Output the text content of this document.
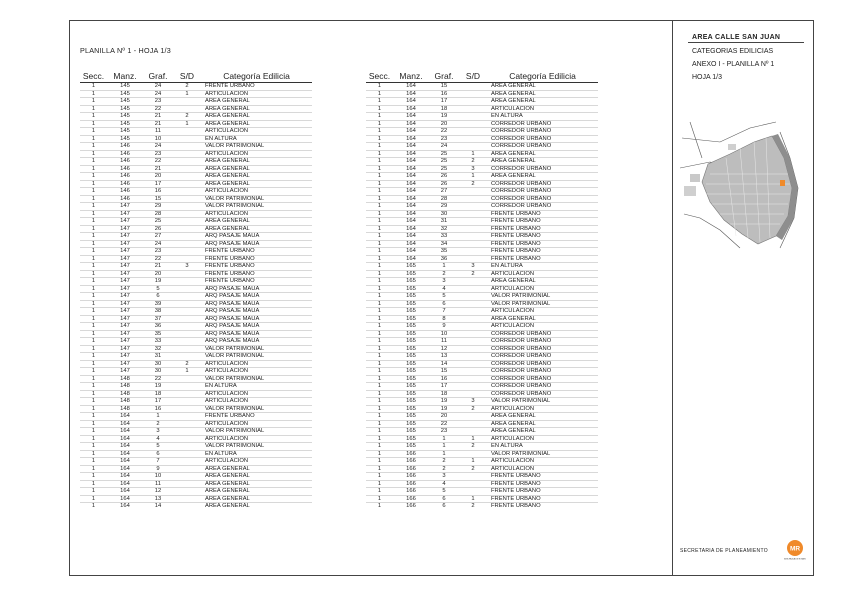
PLANILLA Nº 1 - HOJA 1/3
Secc.	Manz.	Graf.	S/D	Categoría Edilicia
1	145	24	2	FRENTE URBANO
1	145	24	1	ARTICULACION
1	145	23		AREA GENERAL
1	145	22		AREA GENERAL
1	145	21	2	AREA GENERAL
1	145	21	1	AREA GENERAL
1	145	11		ARTICULACION
1	145	10		EN ALTURA
1	146	24		VALOR PATRIMONIAL
1	146	23		ARTICULACION
1	146	22		AREA GENERAL
1	146	21		AREA GENERAL
1	146	20		AREA GENERAL
1	146	17		AREA GENERAL
1	146	16		ARTICULACION
1	146	15		VALOR PATRIMONIAL
1	147	29		VALOR PATRIMONIAL
1	147	28		ARTICULACION
1	147	25		AREA GENERAL
1	147	26		AREA GENERAL
1	147	27		ARQ PASAJE MAUA
1	147	24		ARQ PASAJE MAUA
1	147	23		FRENTE URBANO
1	147	22		FRENTE URBANO
1	147	21	3	FRENTE URBANO
1	147	20		FRENTE URBANO
1	147	19		FRENTE URBANO
1	147	5		ARQ PASAJE MAUA
1	147	6		ARQ PASAJE MAUA
1	147	39		ARQ PASAJE MAUA
1	147	38		ARQ PASAJE MAUA
1	147	37		ARQ PASAJE MAUA
1	147	36		ARQ PASAJE MAUA
1	147	35		ARQ PASAJE MAUA
1	147	33		ARQ PASAJE MAUA
1	147	32		VALOR PATRIMONIAL
1	147	31		VALOR PATRIMONIAL
1	147	30	2	ARTICULACION
1	147	30	1	ARTICULACION
1	148	22		VALOR PATRIMONIAL
1	148	19		EN ALTURA
1	148	18		ARTICULACION
1	148	17		ARTICULACION
1	148	16		VALOR PATRIMONIAL
1	164	1		FRENTE URBANO
1	164	2		ARTICULACION
1	164	3		VALOR PATRIMONIAL
1	164	4		ARTICULACION
1	164	5		VALOR PATRIMONIAL
1	164	6		EN ALTURA
1	164	7		ARTICULACION
1	164	9		AREA GENERAL
1	164	10		AREA GENERAL
1	164	11		AREA GENERAL
1	164	12		AREA GENERAL
1	164	13		AREA GENERAL
1	164	14		AREA GENERAL
Secc.	Manz.	Graf.	S/D	Categoría Edilicia
1	164	15		AREA GENERAL
1	164	16		AREA GENERAL
1	164	17		AREA GENERAL
1	164	18		ARTICULACION
1	164	19		EN ALTURA
1	164	20		CORREDOR URBANO
1	164	22		CORREDOR URBANO
1	164	23		CORREDOR URBANO
1	164	24		CORREDOR URBANO
1	164	25	1	AREA GENERAL
1	164	25	2	AREA GENERAL
1	164	25	3	CORREDOR URBANO
1	164	26	1	AREA GENERAL
1	164	26	2	CORREDOR URBANO
1	164	27		CORREDOR URBANO
1	164	28		CORREDOR URBANO
1	164	29		CORREDOR URBANO
1	164	30		FRENTE URBANO
1	164	31		FRENTE URBANO
1	164	32		FRENTE URBANO
1	164	33		FRENTE URBANO
1	164	34		FRENTE URBANO
1	164	35		FRENTE URBANO
1	164	36		FRENTE URBANO
1	165	1	3	EN ALTURA
1	165	2	2	ARTICULACION
1	165	3		AREA GENERAL
1	165	4		ARTICULACION
1	165	5		VALOR PATRIMONIAL
1	165	6		VALOR PATRIMONIAL
1	165	7		ARTICULACION
1	165	8		AREA GENERAL
1	165	9		ARTICULACION
1	165	10		CORREDOR URBANO
1	165	11		CORREDOR URBANO
1	165	12		CORREDOR URBANO
1	165	13		CORREDOR URBANO
1	165	14		CORREDOR URBANO
1	165	15		CORREDOR URBANO
1	165	16		CORREDOR URBANO
1	165	17		CORREDOR URBANO
1	165	18		CORREDOR URBANO
1	165	19	3	VALOR PATRIMONIAL
1	165	19	2	ARTICULACION
1	165	20		AREA GENERAL
1	165	22		AREA GENERAL
1	165	23		AREA GENERAL
1	165	1	1	ARTICULACION
1	165	1	2	EN ALTURA
1	166	1		VALOR PATRIMONIAL
1	166	2	1	ARTICULACION
1	166	2	2	ARTICULACION
1	166	3		FRENTE URBANO
1	166	4		FRENTE URBANO
1	166	5		FRENTE URBANO
1	166	6	1	FRENTE URBANO
1	166	6	2	FRENTE URBANO
AREA CALLE SAN JUAN
CATEGORIAS EDILICIAS
ANEXO I - PLANILLA Nº 1
HOJA 1/3
SECRETARIA DE PLANEAMIENTO	MR
MUNICIPALIDAD DE ROSARIO
